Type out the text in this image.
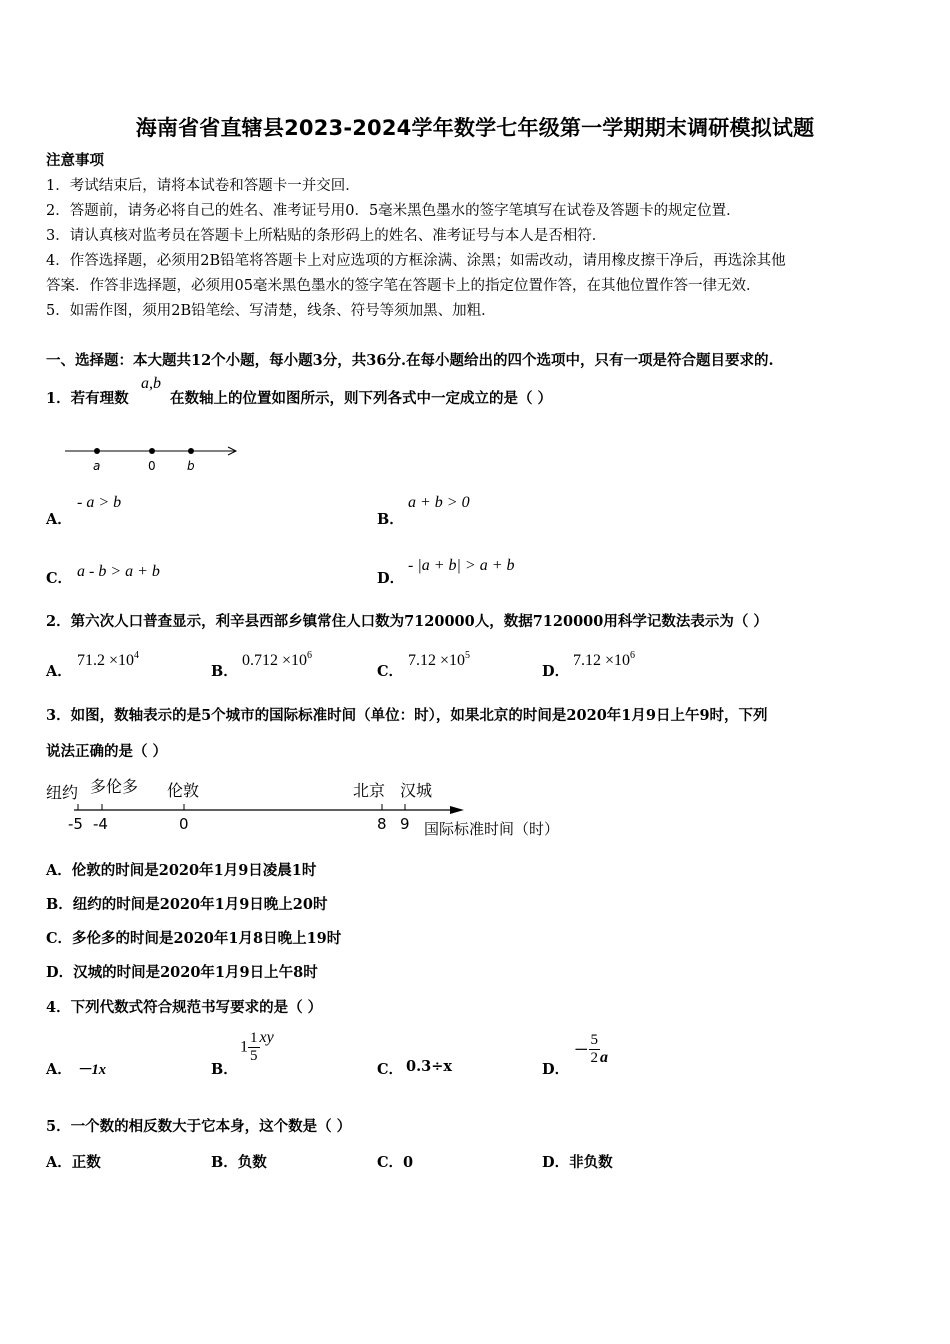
海南省省直辖县2023-2024学年数学七年级第一学期期末调研模拟试题
注意事项
1．考试结束后，请将本试卷和答题卡一并交回．
2．答题前，请务必将自己的姓名、准考证号用0．5毫米黑色墨水的签字笔填写在试卷及答题卡的规定位置．
3．请认真核对监考员在答题卡上所粘贴的条形码上的姓名、准考证号与本人是否相符．
4．作答选择题，必须用2B铅笔将答题卡上对应选项的方框涂满、涂黑；如需改动，请用橡皮擦干净后，再选涂其他
答案．作答非选择题，必须用05毫米黑色墨水的签字笔在答题卡上的指定位置作答，在其他位置作答一律无效．
5．如需作图，须用2B铅笔绘、写清楚，线条、符号等须加黑、加粗．
一、选择题：本大题共12个小题，每小题3分，共36分.在每小题给出的四个选项中，只有一项是符合题目要求的.
1．若有理数
a,b
在数轴上的位置如图所示，则下列各式中一定成立的是（ ）
a	0	b
A．
- a > b
B．
a + b > 0
C． a - b > a + b	D．
- |a + b| > a + b
2．第六次人口普查显示，利辛县西部乡镇常住人口数为7120000人，数据7120000用科学记数法表示为（ ）
A．
$71.2 \times 10^4$
B．
$0.712 \times 10^6$
C．
$7.12 \times 10^5$
D．
$7.12 \times 10^6$
3．如图，数轴表示的是5个城市的国际标准时间（单位：时），如果北京的时间是2020年1月9日上午9时，下列
说法正确的是（ ）
纽约 多伦多 伦敦	北京 汉城
-5 -4	0	8 9 国际标准时间（时）
A．伦敦的时间是2020年1月9日凌晨1时
B．纽约的时间是2020年1月9日晚上20时
C．多伦多的时间是2020年1月8日晚上19时
D．汉城的时间是2020年1月9日上午8时
4．下列代数式符合规范书写要求的是（ ）
A． －1x	B．
$1 \frac{1}{5}$ xy
C． 0.3÷x	D．
－ $\frac{5}{2}$ a
5．一个数的相反数大于它本身，这个数是（ ）
A．正数	B．负数	C．0	D．非负数
